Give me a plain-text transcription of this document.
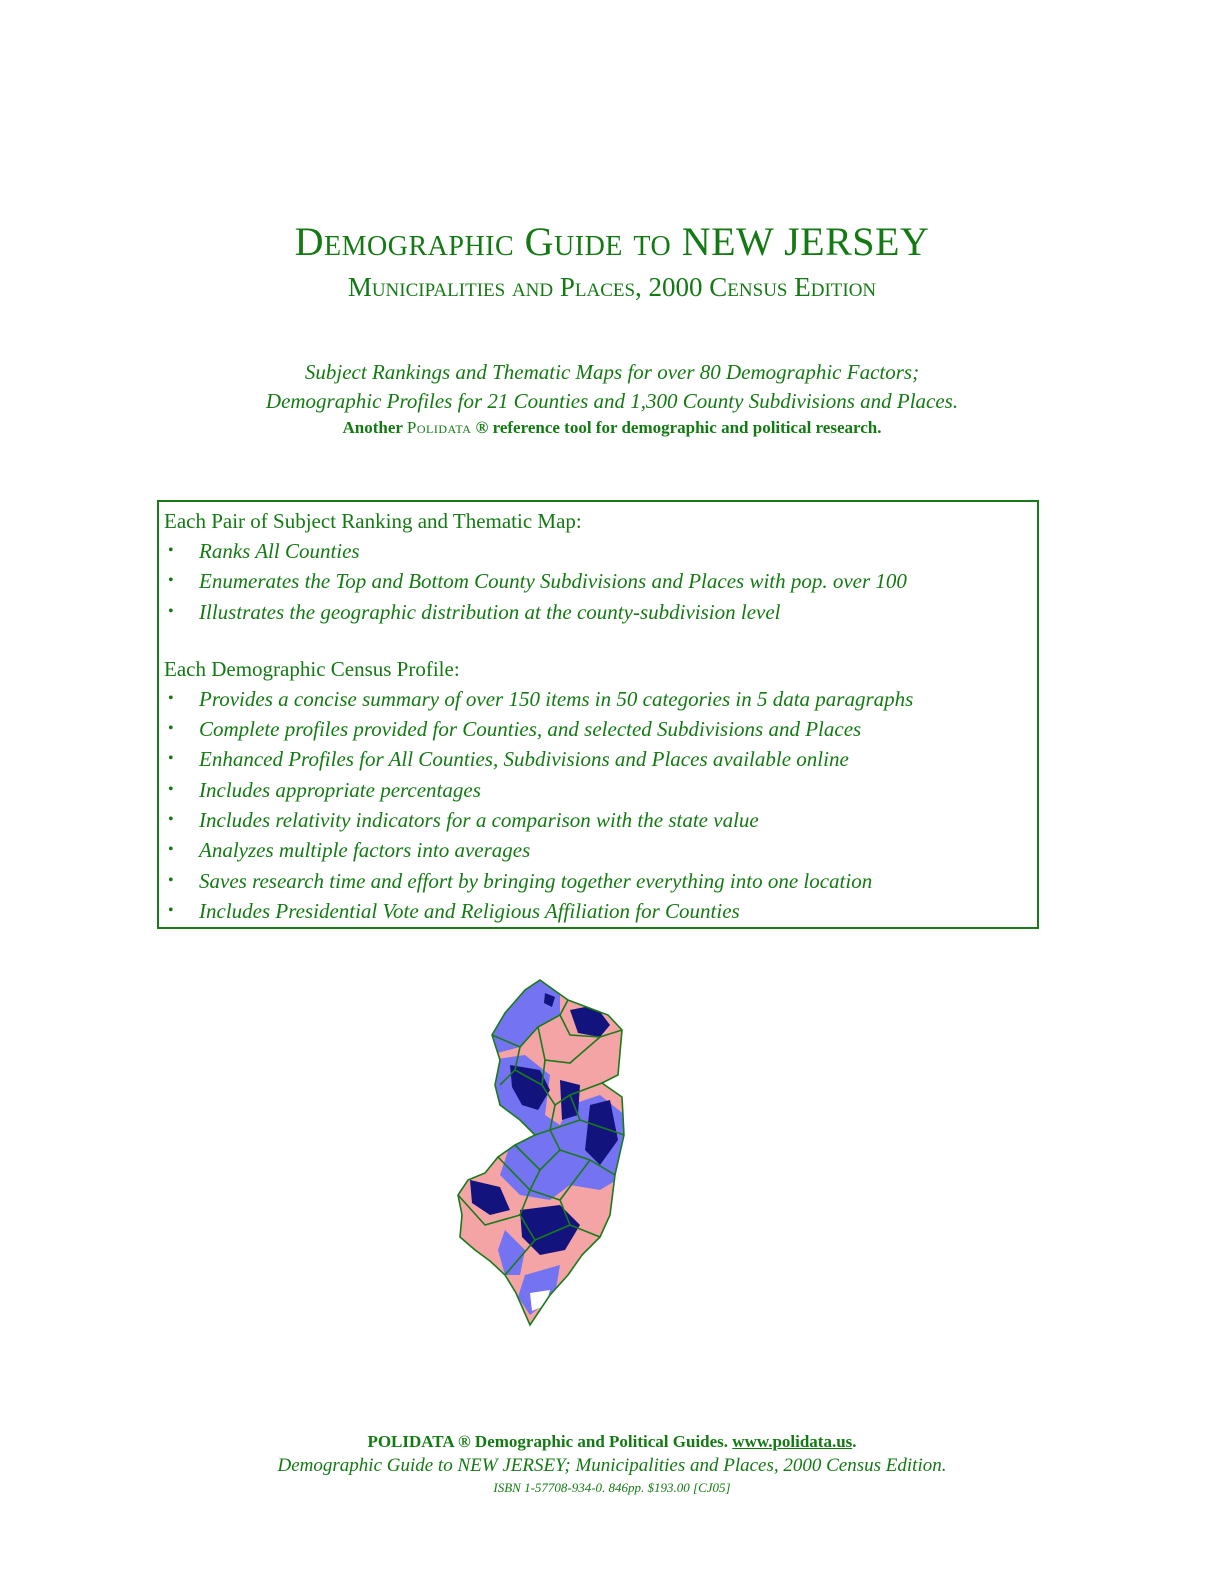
Demographic Guide to NEW JERSEY
Municipalities and Places, 2000 Census Edition
Subject Rankings and Thematic Maps for over 80 Demographic Factors;
Demographic Profiles for 21 Counties and 1,300 County Subdivisions and Places.
Another Polidata ® reference tool for demographic and political research.
Each Pair of Subject Ranking and Thematic Map:
• Ranks All Counties
• Enumerates the Top and Bottom County Subdivisions and Places with pop. over 100
• Illustrates the geographic distribution at the county-subdivision level
Each Demographic Census Profile:
• Provides a concise summary of over 150 items in 50 categories in 5 data paragraphs
• Complete profiles provided for Counties, and selected Subdivisions and Places
• Enhanced Profiles for All Counties, Subdivisions and Places available online
• Includes appropriate percentages
• Includes relativity indicators for a comparison with the state value
• Analyzes multiple factors into averages
• Saves research time and effort by bringing together everything into one location
• Includes Presidential Vote and Religious Affiliation for Counties
POLIDATA ® Demographic and Political Guides. www.polidata.us.
Demographic Guide to NEW JERSEY; Municipalities and Places, 2000 Census Edition.
ISBN 1-57708-934-0. 846pp. $193.00 [CJ05]
